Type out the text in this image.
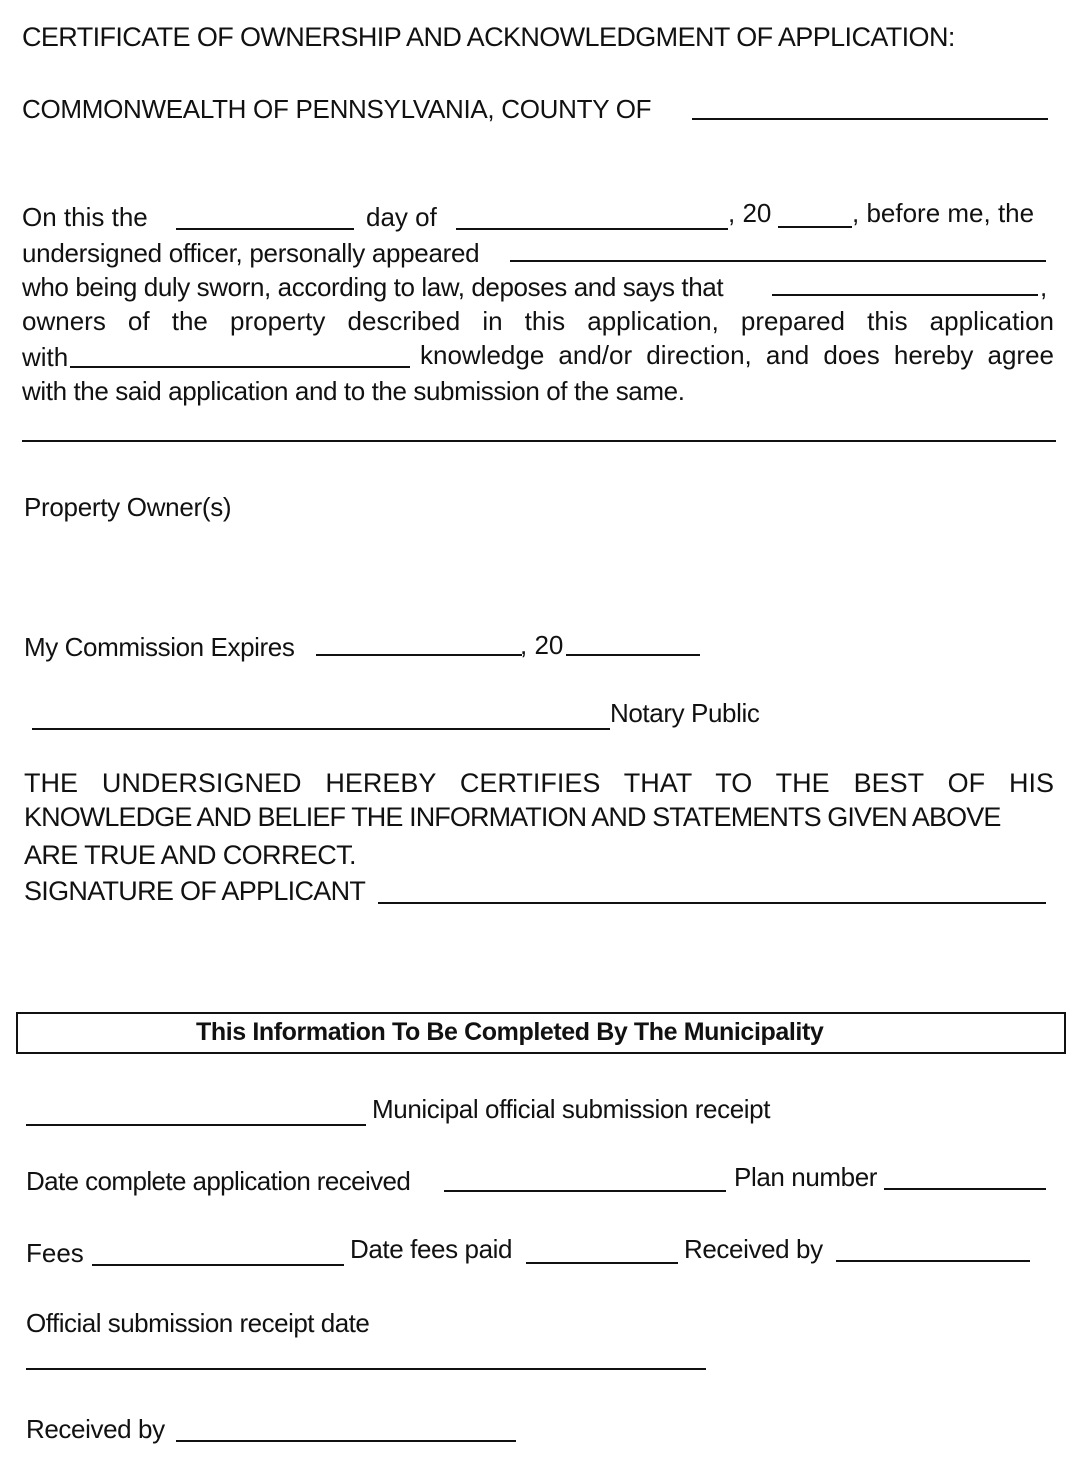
CERTIFICATE OF OWNERSHIP AND ACKNOWLEDGMENT OF APPLICATION:
COMMONWEALTH OF PENNSYLVANIA, COUNTY OF
On this the	day of	, 20	, before me, the
undersigned officer, personally appeared
who being duly sworn, according to law, deposes and says that	,
owners of the property described in this application, prepared this application
with	knowledge and/or direction, and does hereby agree
with the said application and to the submission of the same.
Property Owner(s)
My Commission Expires	, 20
Notary Public
THE UNDERSIGNED HEREBY CERTIFIES THAT TO THE BEST OF HIS
KNOWLEDGE AND BELIEF THE INFORMATION AND STATEMENTS GIVEN ABOVE
ARE TRUE AND CORRECT.
SIGNATURE OF APPLICANT
This Information To Be Completed By The Municipality
Municipal official submission receipt
Date complete application received	Plan number
Fees	Date fees paid	Received by
Official submission receipt date
Received by
